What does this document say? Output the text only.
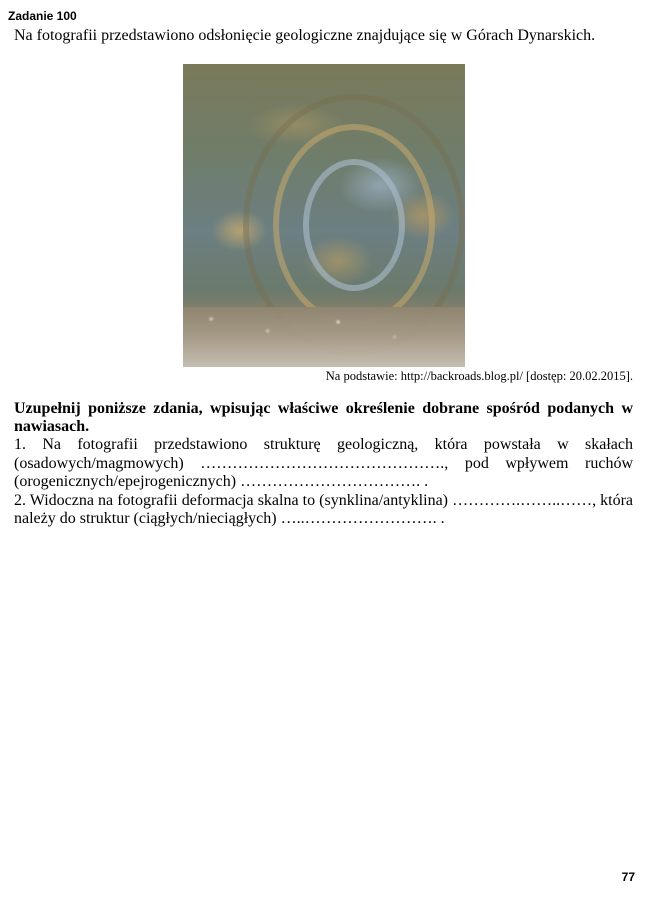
Zadanie 100
Na fotografii przedstawiono odsłonięcie geologiczne znajdujące się w Górach Dynarskich.
Na podstawie: http://backroads.blog.pl/ [dostęp: 20.02.2015].
Uzupełnij poniższe zdania, wpisując właściwe określenie dobrane spośród podanych w nawiasach.

1. Na fotografii przedstawiono strukturę geologiczną, która powstała w skałach (osadowych/magmowych) ………………………………………., pod wpływem ruchów (orogenicznych/epejrogenicznych) ……………………………. .

2. Widoczna na fotografii deformacja skalna to (synklina/antyklina) ………….……..……, która należy do struktur (ciągłych/nieciągłych) …..……………………. .

77
